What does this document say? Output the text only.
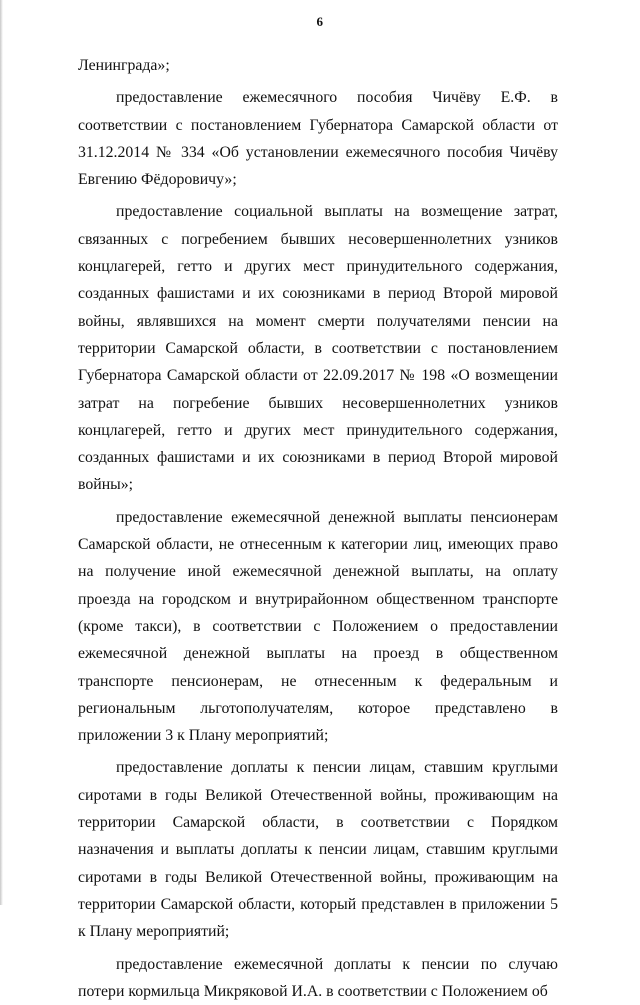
6

Ленинграда»;

предоставление ежемесячного пособия Чичёву Е.Ф. в соответствии с постановлением Губернатора Самарской области от 31.12.2014 № 334 «Об установлении ежемесячного пособия Чичёву Евгению Фёдоровичу»;

предоставление социальной выплаты на возмещение затрат, связанных с погребением бывших несовершеннолетних узников концлагерей, гетто и других мест принудительного содержания, созданных фашистами и их союзниками в период Второй мировой войны, являвшихся на момент смерти получателями пенсии на территории Самарской области, в соответствии с постановлением Губернатора Самарской области от 22.09.2017 № 198 «О возмещении затрат на погребение бывших несовершеннолетних узников концлагерей, гетто и других мест принудительного содержания, созданных фашистами и их союзниками в период Второй мировой войны»;

предоставление ежемесячной денежной выплаты пенсионерам Самарской области, не отнесенным к категории лиц, имеющих право на получение иной ежемесячной денежной выплаты, на оплату проезда на городском и внутрирайонном общественном транспорте (кроме такси), в соответствии с Положением о предоставлении ежемесячной денежной выплаты на проезд в общественном транспорте пенсионерам, не отнесенным к федеральным и региональным льготополучателям, которое представлено в приложении 3 к Плану мероприятий;

предоставление доплаты к пенсии лицам, ставшим круглыми сиротами в годы Великой Отечественной войны, проживающим на территории Самарской области, в соответствии с Порядком назначения и выплаты доплаты к пенсии лицам, ставшим круглыми сиротами в годы Великой Отечественной войны, проживающим на территории Самарской области, который представлен в приложении 5 к Плану мероприятий;

предоставление ежемесячной доплаты к пенсии по случаю потери кормильца Микряковой И.А. в соответствии с Положением об
